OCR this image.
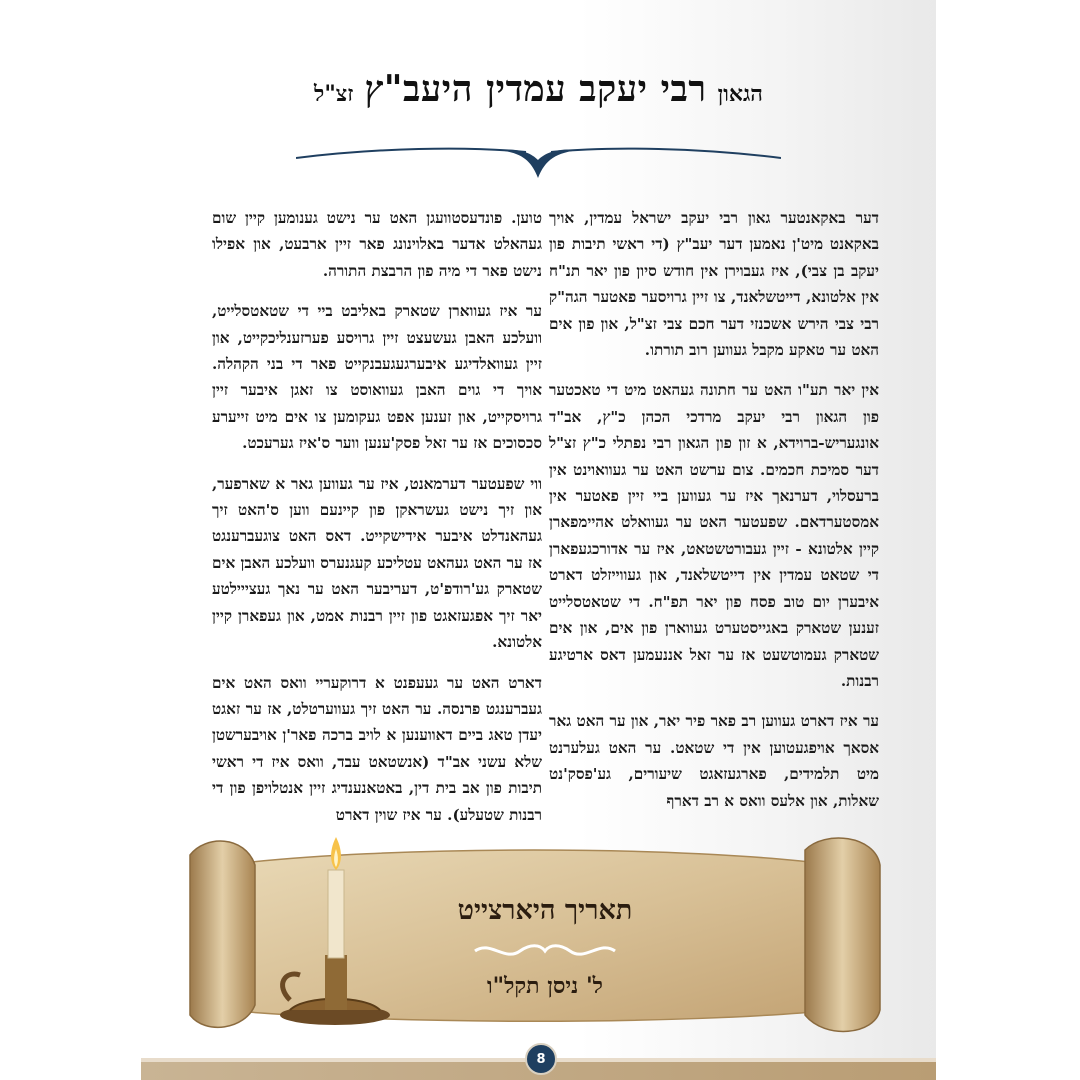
הגאון רבי יעקב עמדין היעב"ץ זצ"ל

דער באקאנטער גאון רבי יעקב ישראל עמדין, אויך באקאנט מיט'ן נאמען דער יעב"ץ (די ראשי תיבות פון יעקב בן צבי), איז געבוירן אין חודש סיון פון יאר תנ"ח אין אלטונא, דייטשלאנד, צו זיין גרויסער פאטער הגה"ק רבי צבי הירש אשכנזי דער חכם צבי זצ"ל, און פון אים האט ער טאקע מקבל געווען רוב תורתו.

אין יאר תע"ו האט ער חתונה געהאט מיט די טאכטער פון הגאון רבי יעקב מרדכי הכהן כ"ץ, אב"ד אונגעריש-ברוידא, א זון פון הגאון רבי נפתלי כ"ץ זצ"ל דער סמיכת חכמים. צום ערשט האט ער געוואוינט אין ברעסלוי, דערנאך איז ער געווען ביי זיין פאטער אין אמסטערדאם. שפעטער האט ער געוואלט אהיימפארן קיין אלטונא - זיין געבורטשטאט, איז ער אדורכגעפארן די שטאט עמדין אין דייטשלאנד, און געווייזלט דארט איבערן יום טוב פסח פון יאר תפ"ח. די שטאטסלייט זענען שטארק באגייסטערט געווארן פון אים, און אים שטארק געמוטשעט אז ער זאל אננעמען דאס ארטיגע רבנות.

ער איז דארט געווען רב פאר פיר יאר, און ער האט גאר אסאך אויפגעטוען אין די שטאט. ער האט געלערנט מיט תלמידים, פארגעזאגט שיעורים, גע'פסק'נט שאלות, און אלעס וואס א רב דארף

טוען. פונדעסטוועגן האט ער נישט גענומען קיין שום געהאלט אדער באלוינונג פאר זיין ארבעט, און אפילו נישט פאר די מיה פון הרבצת התורה.

ער איז געווארן שטארק באליבט ביי די שטאטסלייט, וועלכע האבן געשעצט זיין גרויסע פערזענליכקייט, און זיין געוואלדיגע איבערגעגעבנקייט פאר די בני הקהלה. אויך די גוים האבן געוואוסט צו זאגן איבער זיין גרויסקייט, און זענען אפט געקומען צו אים מיט זייערע סכסוכים אז ער זאל פסק'ענען ווער ס'איז גערעכט.

ווי שפעטער דערמאנט, איז ער געווען גאר א שארפער, און זיך נישט געשראקן פון קיינעם ווען ס'האט זיך געהאנדלט איבער אידישקייט. דאס האט צוגעברענגט אז ער האט געהאט עטליכע קעגנערס וועלכע האבן אים שטארק גע'רודפ'ט, דעריבער האט ער נאך געצייילטע יאר זיך אפגעזאגט פון זיין רבנות אמט, און געפארן קיין אלטונא.

דארט האט ער געעפנט א דרוקעריי וואס האט אים געברענגט פרנסה. ער האט זיך געווערטלט, אז ער זאגט יעדן טאג ביים דאווענען א לויב ברכה פאר'ן אויבערשטן שלא עשני אב"ד (אנשטאט עבד, וואס איז די ראשי תיבות פון אב בית דין, באטאנענדיג זיין אנטלויפן פון די רבנות שטעלע). ער איז שוין דארט

תאריך היארצייט
ל' ניסן תקל"ו
8
